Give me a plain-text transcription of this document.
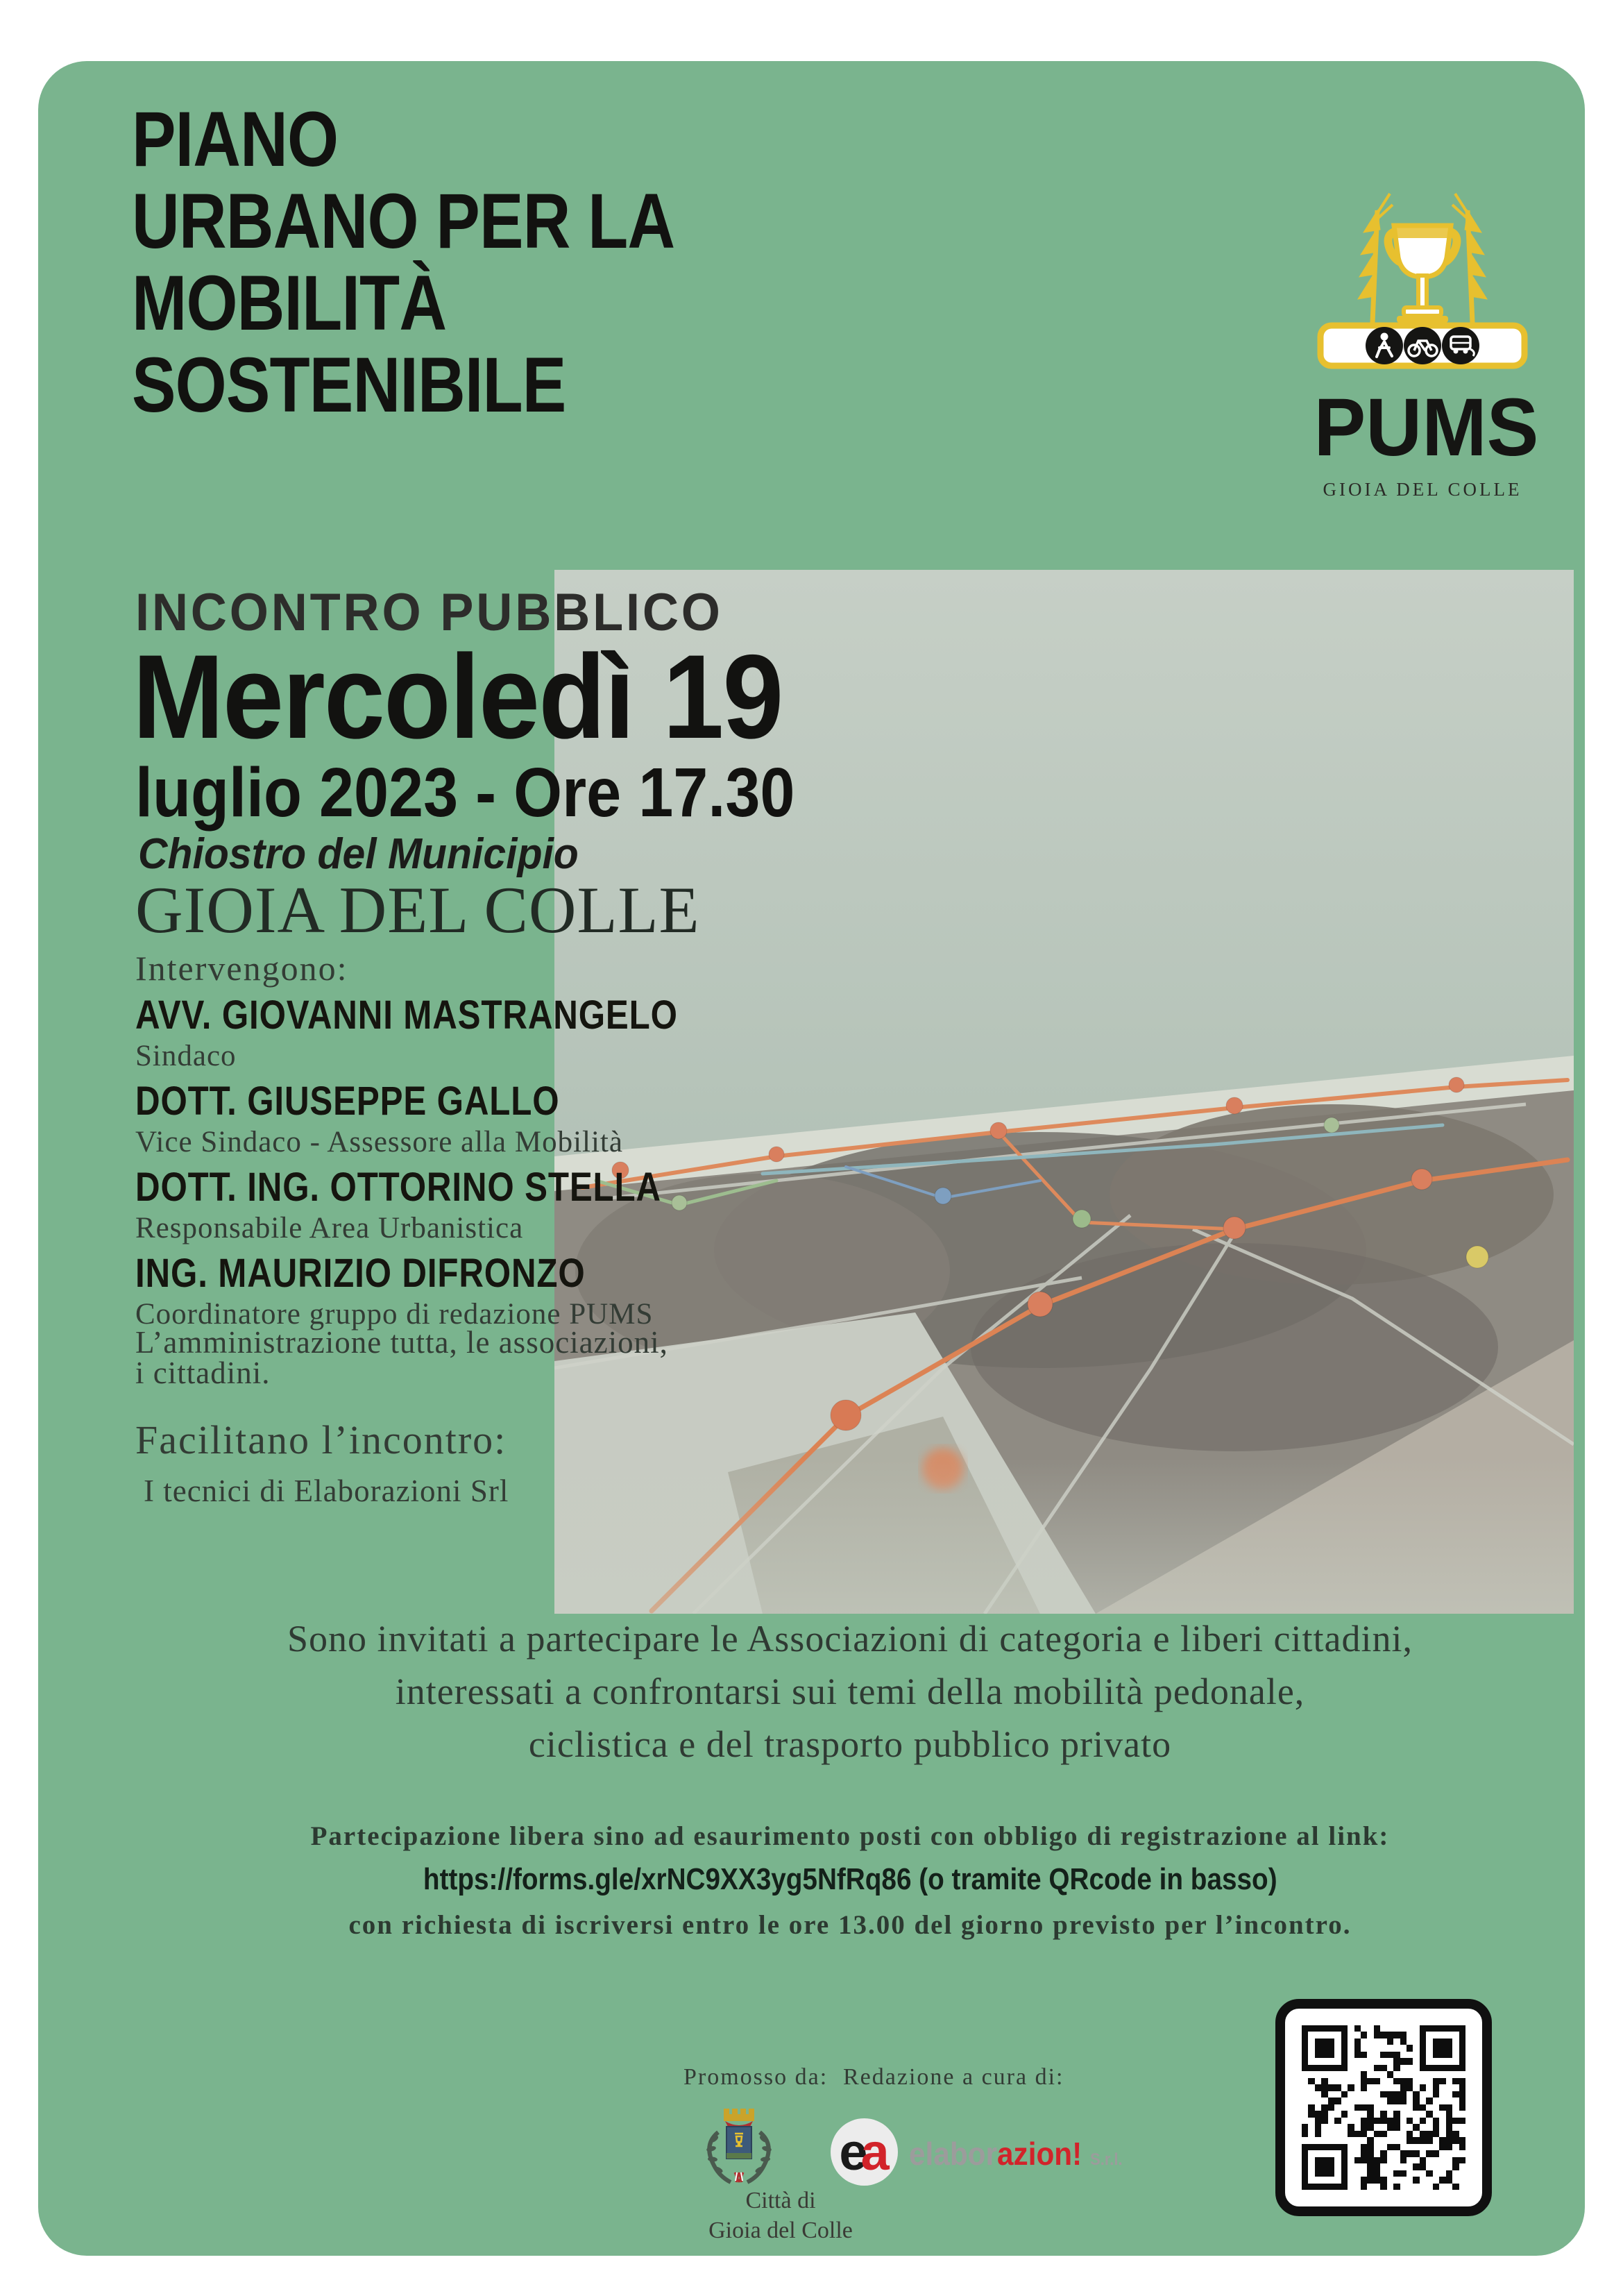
PIANO
URBANO PER LA
MOBILITÀ
SOSTENIBILE	PUMS
GIOIA DEL COLLE
INCONTRO PUBBLICO
Mercoledì 19
luglio 2023 - Ore 17.30
Chiostro del Municipio
GIOIA DEL COLLE
Intervengono:
AVV. GIOVANNI MASTRANGELO
Sindaco
DOTT. GIUSEPPE GALLO
Vice Sindaco - Assessore alla Mobilità
DOTT. ING. OTTORINO STELLA
Responsabile Area Urbanistica
ING. MAURIZIO DIFRONZO
Coordinatore gruppo di redazione PUMS
L’amministrazione tutta, le associazioni,
i cittadini.
Facilitano l’incontro:
I tecnici di Elaborazioni Srl
Sono invitati a partecipare le Associazioni di categoria e liberi cittadini,
interessati a confrontarsi sui temi della mobilità pedonale,
ciclistica e del trasporto pubblico privato
Partecipazione libera sino ad esaurimento posti con obbligo di registrazione al link:
https://forms.gle/xrNC9XX3yg5NfRq86 (o tramite QRcode in basso)
con richiesta di iscriversi entro le ore 13.00 del giorno previsto per l’incontro.
Promosso da: Redazione a cura di:
Città di
Gioia del Colle
e a elaborazion! S.r.l.
